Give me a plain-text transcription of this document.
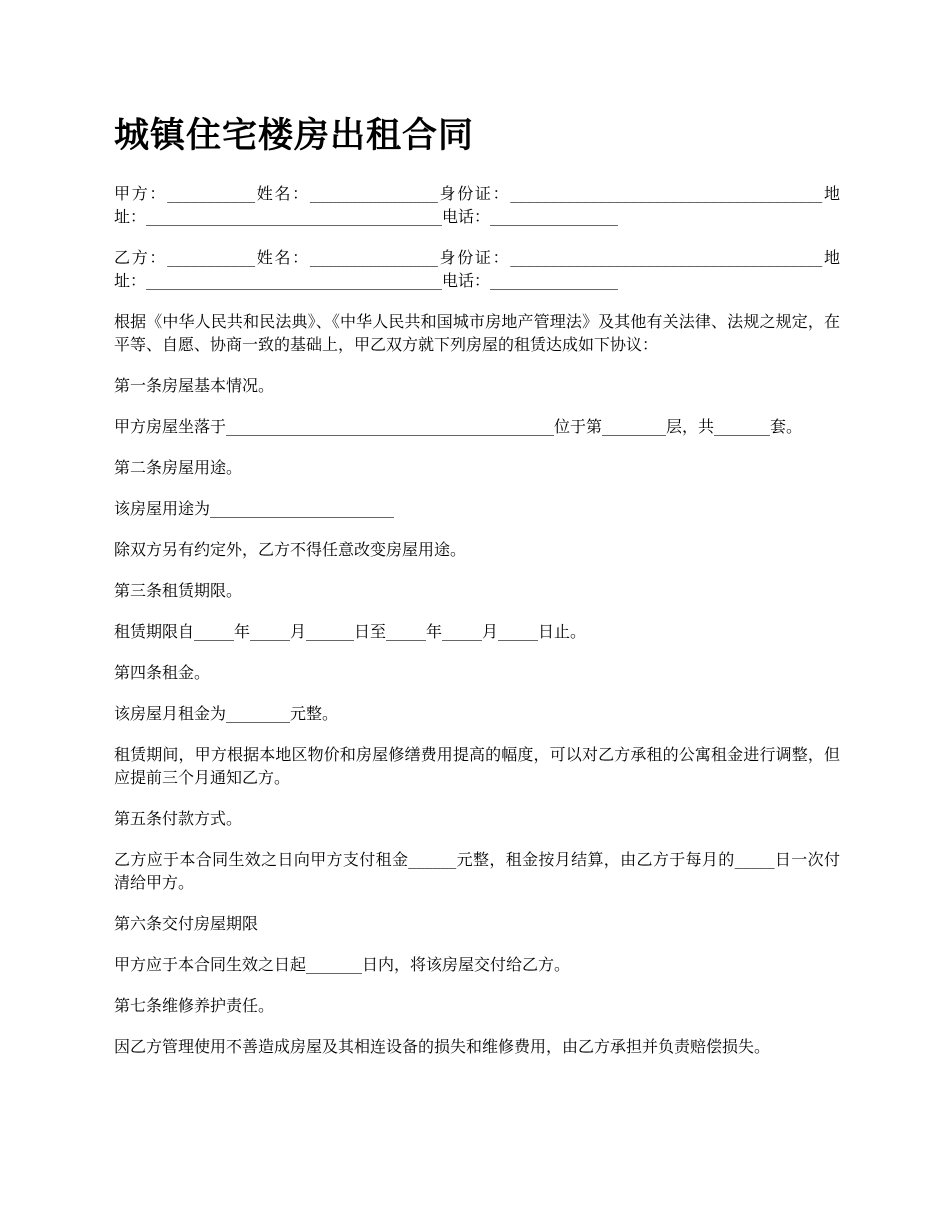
城镇住宅楼房出租合同

甲方：___________姓名：________________身份证：_______________________________________地址：_____________________________________电话：________________

乙方：___________姓名：________________身份证：_______________________________________地址：_____________________________________电话：________________

根据《中华人民共和民法典》、《中华人民共和国城市房地产管理法》及其他有关法律、法规之规定，在平等、自愿、协商一致的基础上，甲乙双方就下列房屋的租赁达成如下协议：

第一条房屋基本情况。

甲方房屋坐落于_________________________________________位于第________层，共_______套。

第二条房屋用途。

该房屋用途为_______________________

除双方另有约定外，乙方不得任意改变房屋用途。

第三条租赁期限。

租赁期限自_____年_____月______日至_____年_____月_____日止。

第四条租金。

该房屋月租金为________元整。

租赁期间，甲方根据本地区物价和房屋修缮费用提高的幅度，可以对乙方承租的公寓租金进行调整，但应提前三个月通知乙方。

第五条付款方式。

乙方应于本合同生效之日向甲方支付租金______元整，租金按月结算，由乙方于每月的_____日一次付清给甲方。

第六条交付房屋期限

甲方应于本合同生效之日起_______日内，将该房屋交付给乙方。

第七条维修养护责任。

因乙方管理使用不善造成房屋及其相连设备的损失和维修费用，由乙方承担并负责赔偿损失。
